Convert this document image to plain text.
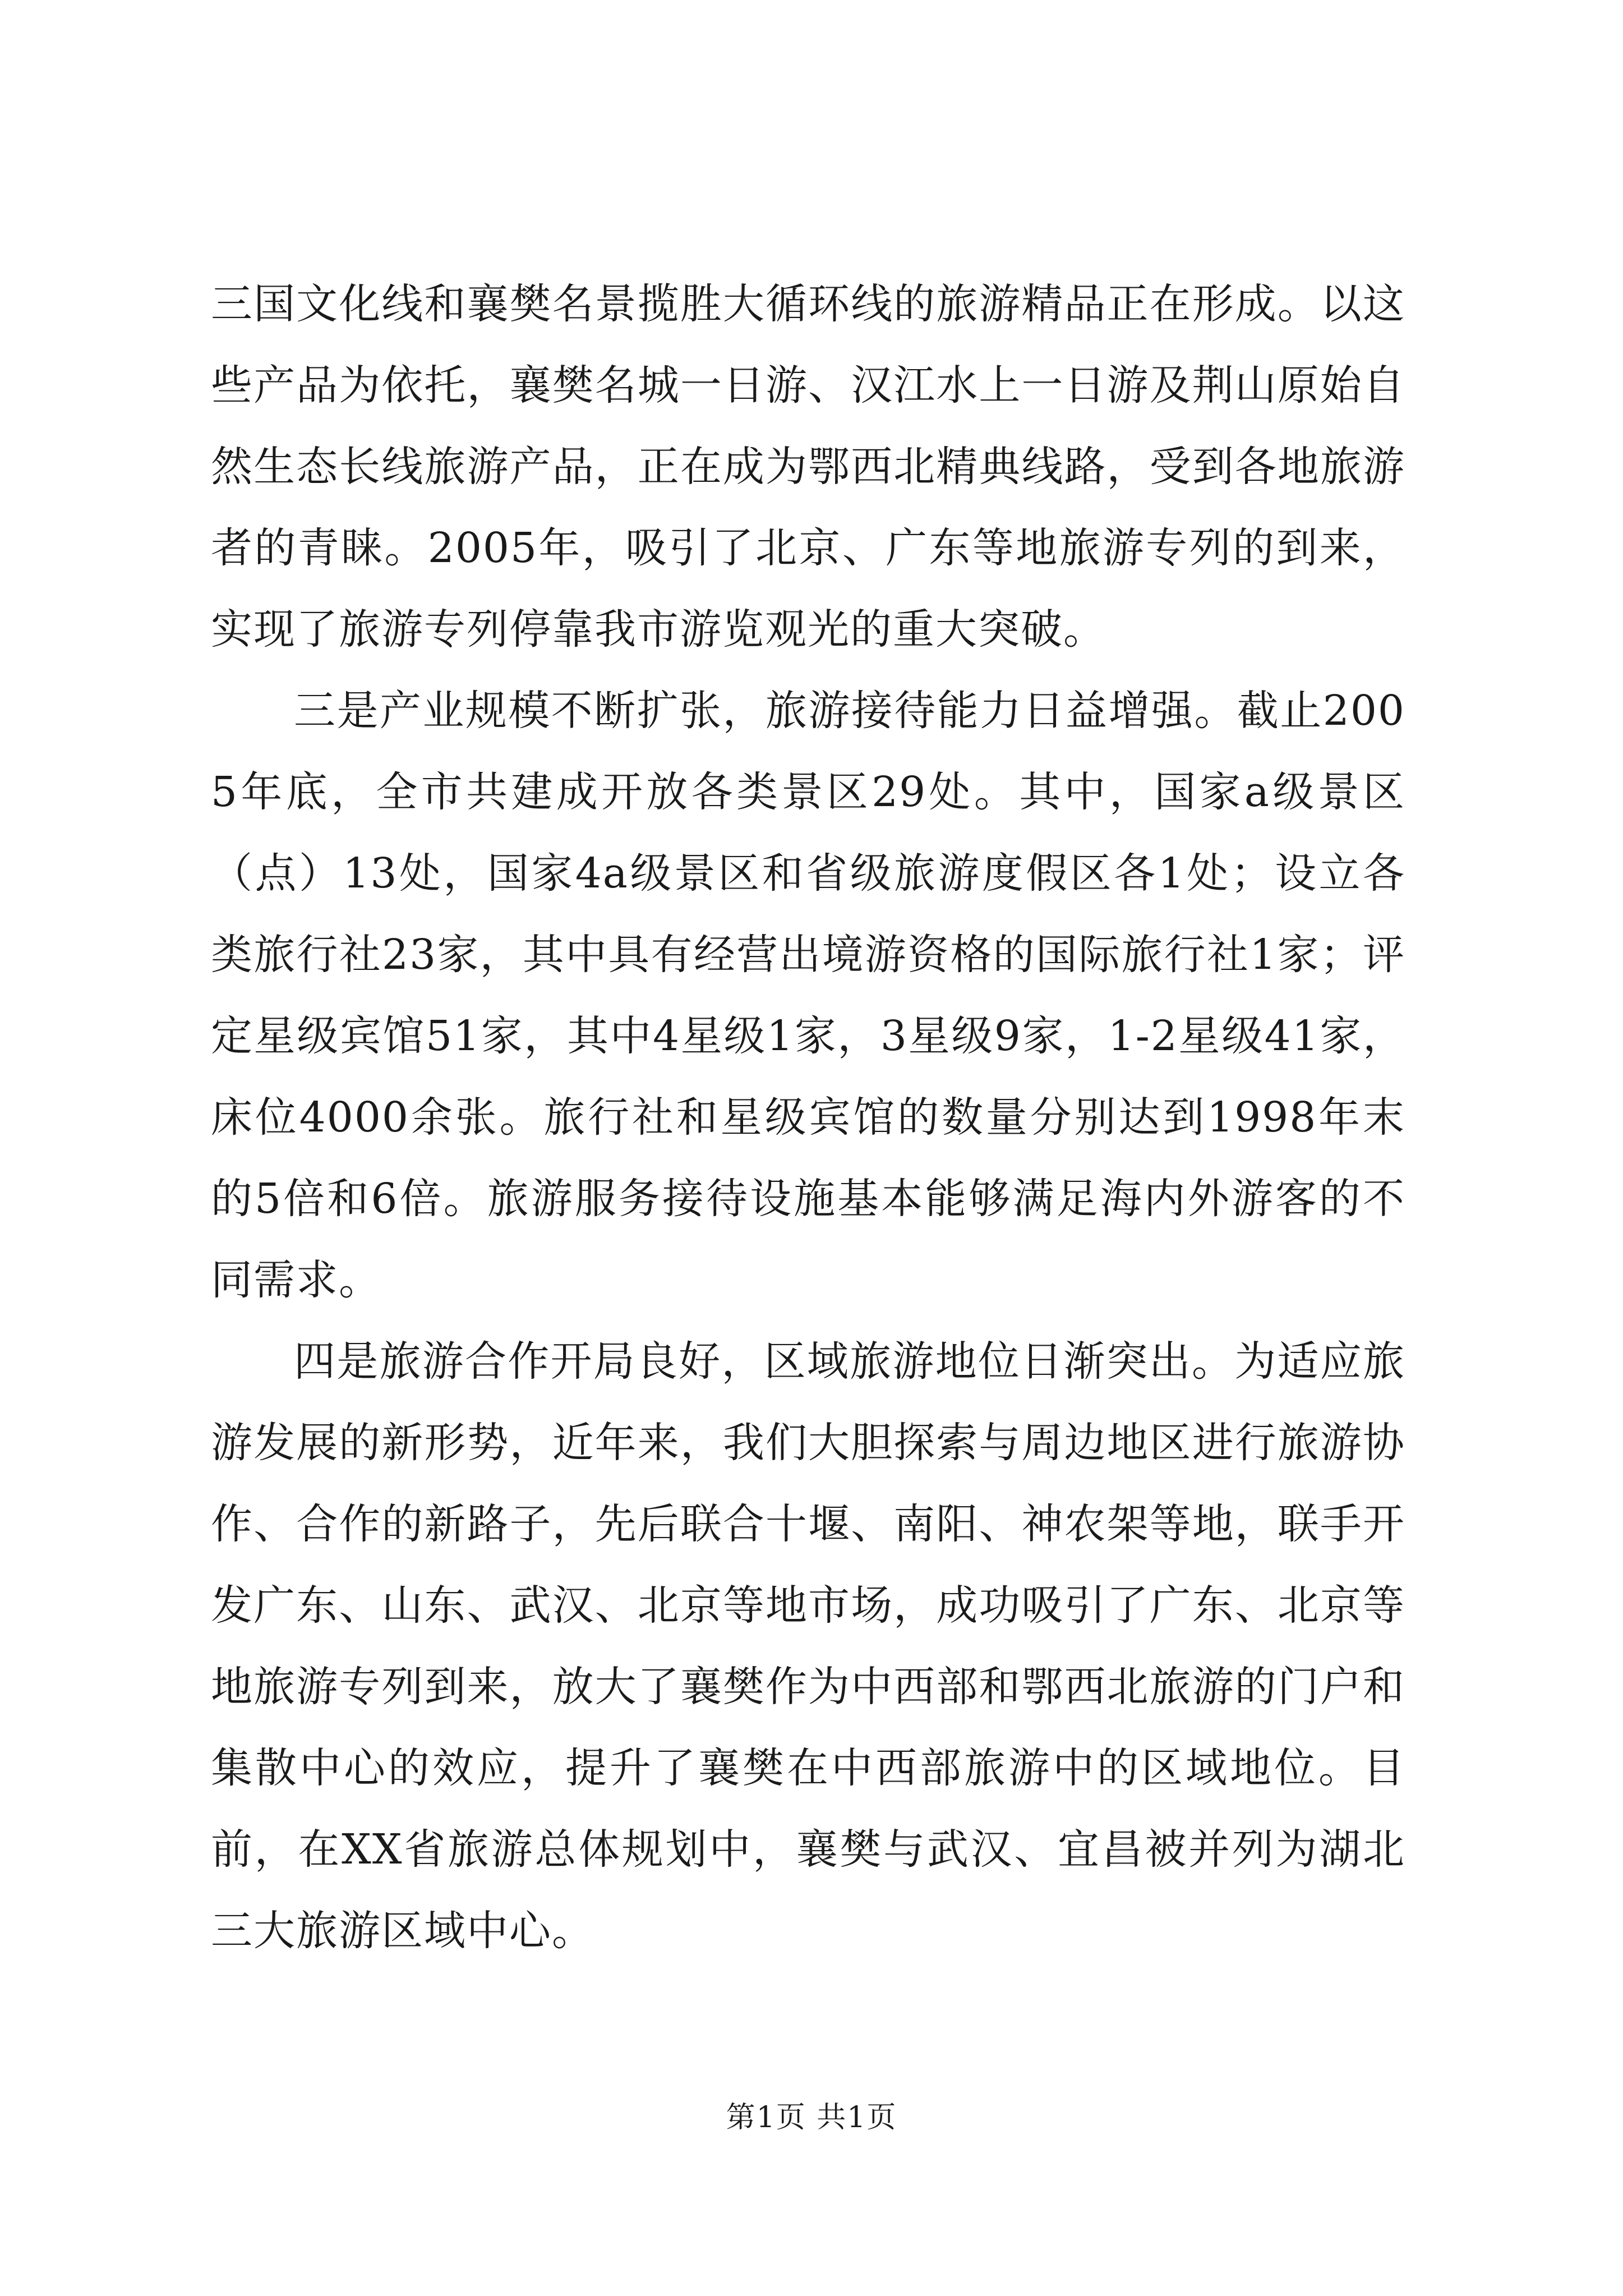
三国文化线和襄樊名景揽胜大循环线的旅游精品正在形成。以这些产品为依托，襄樊名城一日游、汉江水上一日游及荆山原始自然生态长线旅游产品，正在成为鄂西北精典线路，受到各地旅游者的青睐。2005年，吸引了北京、广东等地旅游专列的到来，实现了旅游专列停靠我市游览观光的重大突破。

三是产业规模不断扩张，旅游接待能力日益增强。截止2005年底，全市共建成开放各类景区29处。其中，国家a级景区（点）13处，国家4a级景区和省级旅游度假区各1处；设立各类旅行社23家，其中具有经营出境游资格的国际旅行社1家；评定星级宾馆51家，其中4星级1家，3星级9家，1-2星级41家，床位4000余张。旅行社和星级宾馆的数量分别达到1998年末的5倍和6倍。旅游服务接待设施基本能够满足海内外游客的不同需求。

四是旅游合作开局良好，区域旅游地位日渐突出。为适应旅游发展的新形势，近年来，我们大胆探索与周边地区进行旅游协作、合作的新路子，先后联合十堰、南阳、神农架等地，联手开发广东、山东、武汉、北京等地市场，成功吸引了广东、北京等地旅游专列到来，放大了襄樊作为中西部和鄂西北旅游的门户和集散中心的效应，提升了襄樊在中西部旅游中的区域地位。目前，在XX省旅游总体规划中，襄樊与武汉、宜昌被并列为湖北三大旅游区域中心。

第1页 共1页
